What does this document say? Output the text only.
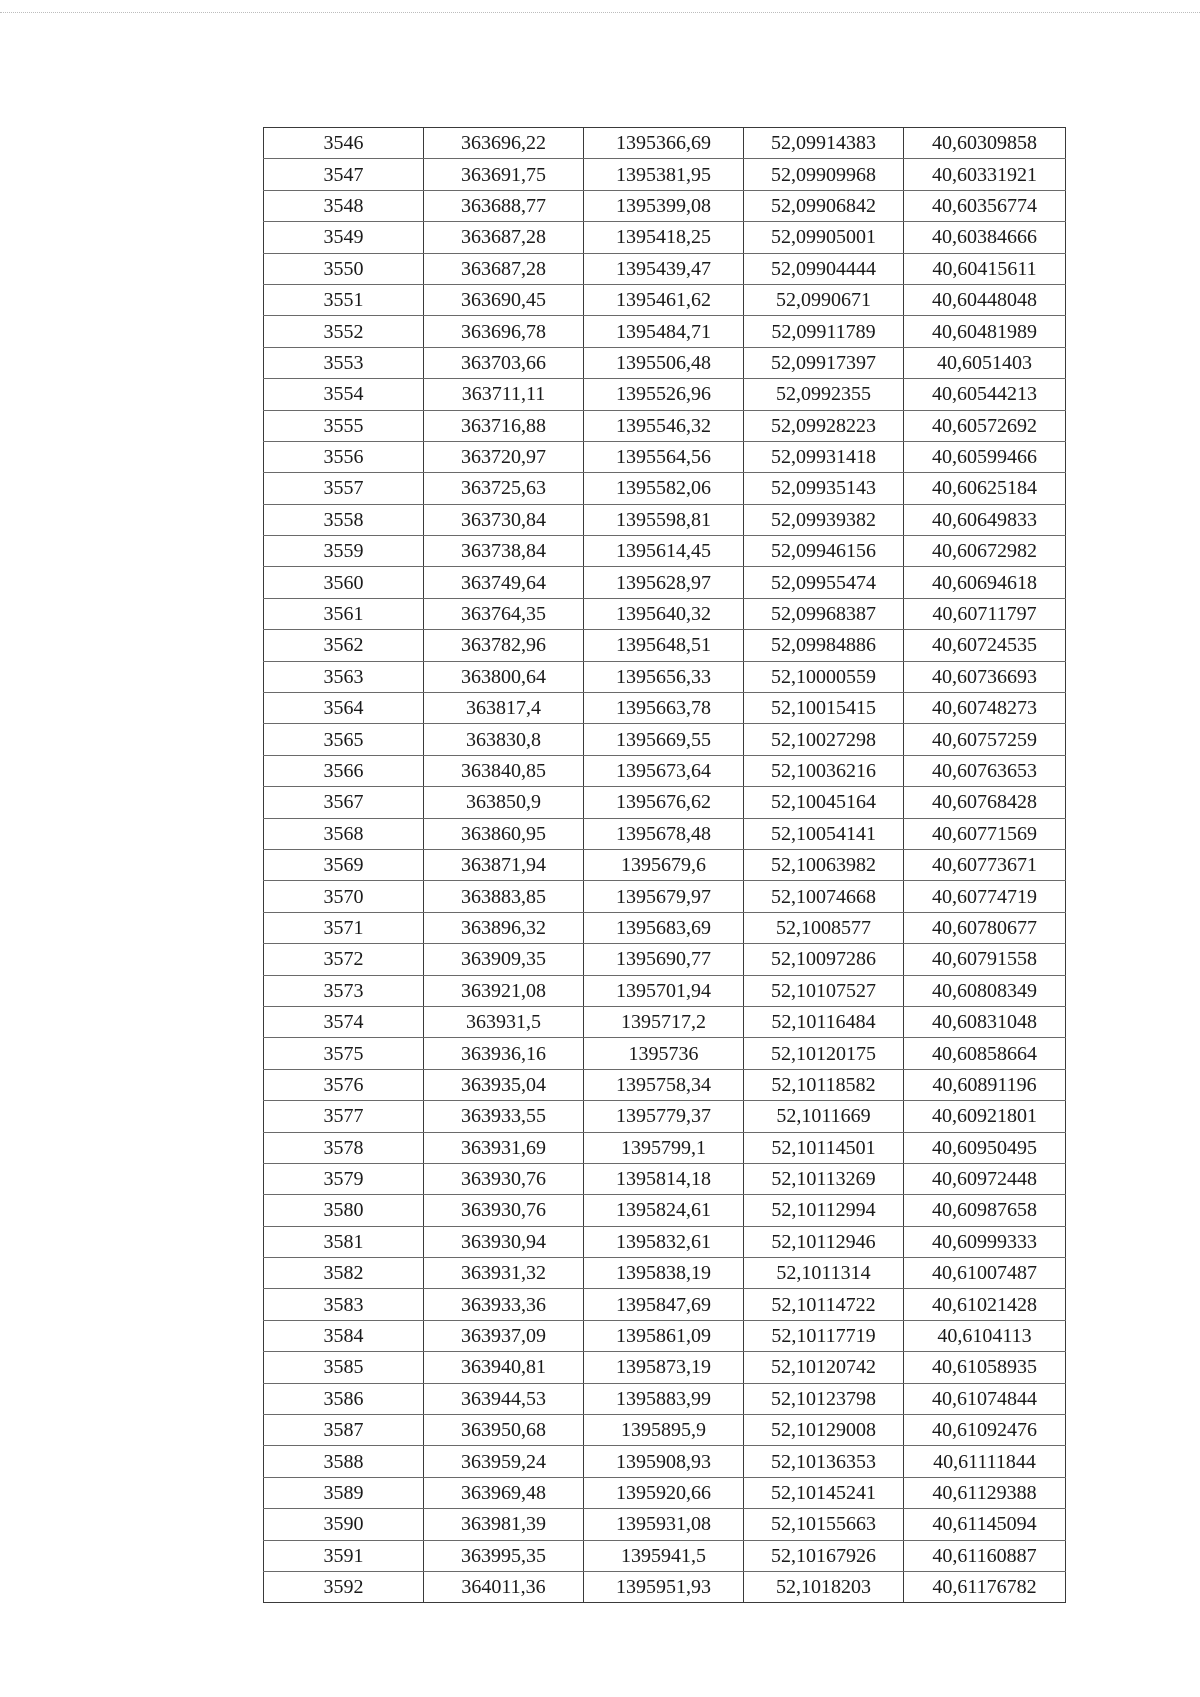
3546	363696,22	1395366,69	52,09914383	40,60309858
3547	363691,75	1395381,95	52,09909968	40,60331921
3548	363688,77	1395399,08	52,09906842	40,60356774
3549	363687,28	1395418,25	52,09905001	40,60384666
3550	363687,28	1395439,47	52,09904444	40,60415611
3551	363690,45	1395461,62	52,0990671	40,60448048
3552	363696,78	1395484,71	52,09911789	40,60481989
3553	363703,66	1395506,48	52,09917397	40,6051403
3554	363711,11	1395526,96	52,0992355	40,60544213
3555	363716,88	1395546,32	52,09928223	40,60572692
3556	363720,97	1395564,56	52,09931418	40,60599466
3557	363725,63	1395582,06	52,09935143	40,60625184
3558	363730,84	1395598,81	52,09939382	40,60649833
3559	363738,84	1395614,45	52,09946156	40,60672982
3560	363749,64	1395628,97	52,09955474	40,60694618
3561	363764,35	1395640,32	52,09968387	40,60711797
3562	363782,96	1395648,51	52,09984886	40,60724535
3563	363800,64	1395656,33	52,10000559	40,60736693
3564	363817,4	1395663,78	52,10015415	40,60748273
3565	363830,8	1395669,55	52,10027298	40,60757259
3566	363840,85	1395673,64	52,10036216	40,60763653
3567	363850,9	1395676,62	52,10045164	40,60768428
3568	363860,95	1395678,48	52,10054141	40,60771569
3569	363871,94	1395679,6	52,10063982	40,60773671
3570	363883,85	1395679,97	52,10074668	40,60774719
3571	363896,32	1395683,69	52,1008577	40,60780677
3572	363909,35	1395690,77	52,10097286	40,60791558
3573	363921,08	1395701,94	52,10107527	40,60808349
3574	363931,5	1395717,2	52,10116484	40,60831048
3575	363936,16	1395736	52,10120175	40,60858664
3576	363935,04	1395758,34	52,10118582	40,60891196
3577	363933,55	1395779,37	52,1011669	40,60921801
3578	363931,69	1395799,1	52,10114501	40,60950495
3579	363930,76	1395814,18	52,10113269	40,60972448
3580	363930,76	1395824,61	52,10112994	40,60987658
3581	363930,94	1395832,61	52,10112946	40,60999333
3582	363931,32	1395838,19	52,1011314	40,61007487
3583	363933,36	1395847,69	52,10114722	40,61021428
3584	363937,09	1395861,09	52,10117719	40,6104113
3585	363940,81	1395873,19	52,10120742	40,61058935
3586	363944,53	1395883,99	52,10123798	40,61074844
3587	363950,68	1395895,9	52,10129008	40,61092476
3588	363959,24	1395908,93	52,10136353	40,61111844
3589	363969,48	1395920,66	52,10145241	40,61129388
3590	363981,39	1395931,08	52,10155663	40,61145094
3591	363995,35	1395941,5	52,10167926	40,61160887
3592	364011,36	1395951,93	52,1018203	40,61176782
